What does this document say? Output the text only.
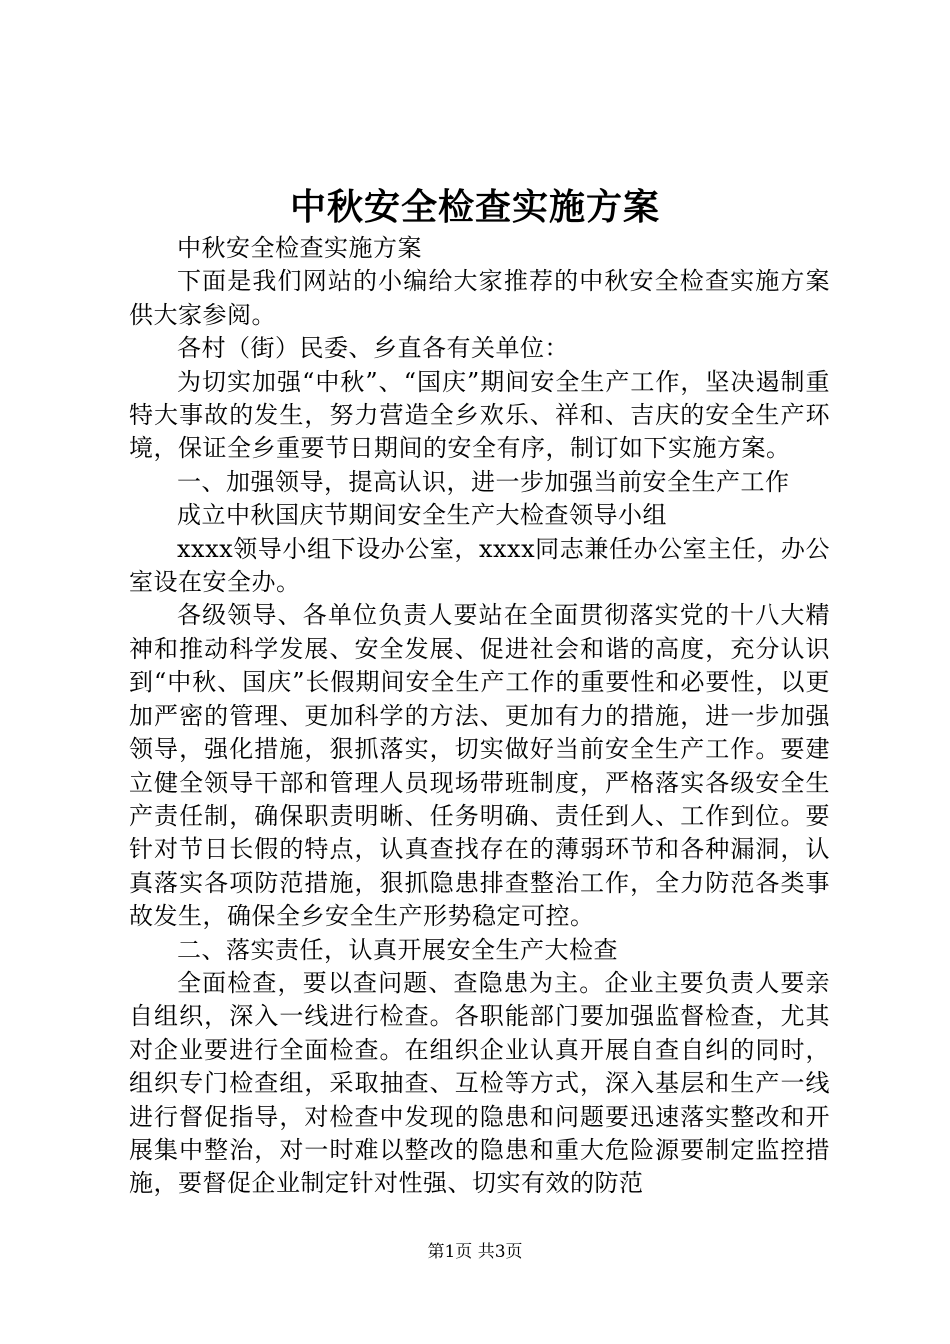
中秋安全检查实施方案

中秋安全检查实施方案

下面是我们网站的小编给大家推荐的中秋安全检查实施方案供大家参阅。

各村（街）民委、乡直各有关单位：

为切实加强“中秋”、“国庆”期间安全生产工作，坚决遏制重特大事故的发生，努力营造全乡欢乐、祥和、吉庆的安全生产环境，保证全乡重要节日期间的安全有序，制订如下实施方案。

一、加强领导，提高认识，进一步加强当前安全生产工作

成立中秋国庆节期间安全生产大检查领导小组

xxxx领导小组下设办公室，xxxx同志兼任办公室主任，办公室设在安全办。

各级领导、各单位负责人要站在全面贯彻落实党的十八大精神和推动科学发展、安全发展、促进社会和谐的高度，充分认识到“中秋、国庆”长假期间安全生产工作的重要性和必要性，以更加严密的管理、更加科学的方法、更加有力的措施，进一步加强领导，强化措施，狠抓落实，切实做好当前安全生产工作。要建立健全领导干部和管理人员现场带班制度，严格落实各级安全生产责任制，确保职责明晰、任务明确、责任到人、工作到位。要针对节日长假的特点，认真查找存在的薄弱环节和各种漏洞，认真落实各项防范措施，狠抓隐患排查整治工作，全力防范各类事故发生，确保全乡安全生产形势稳定可控。

二、落实责任，认真开展安全生产大检查

全面检查，要以查问题、查隐患为主。企业主要负责人要亲自组织，深入一线进行检查。各职能部门要加强监督检查，尤其对企业要进行全面检查。在组织企业认真开展自查自纠的同时，组织专门检查组，采取抽查、互检等方式，深入基层和生产一线进行督促指导，对检查中发现的隐患和问题要迅速落实整改和开展集中整治，对一时难以整改的隐患和重大危险源要制定监控措施，要督促企业制定针对性强、切实有效的防范

第1页 共3页
